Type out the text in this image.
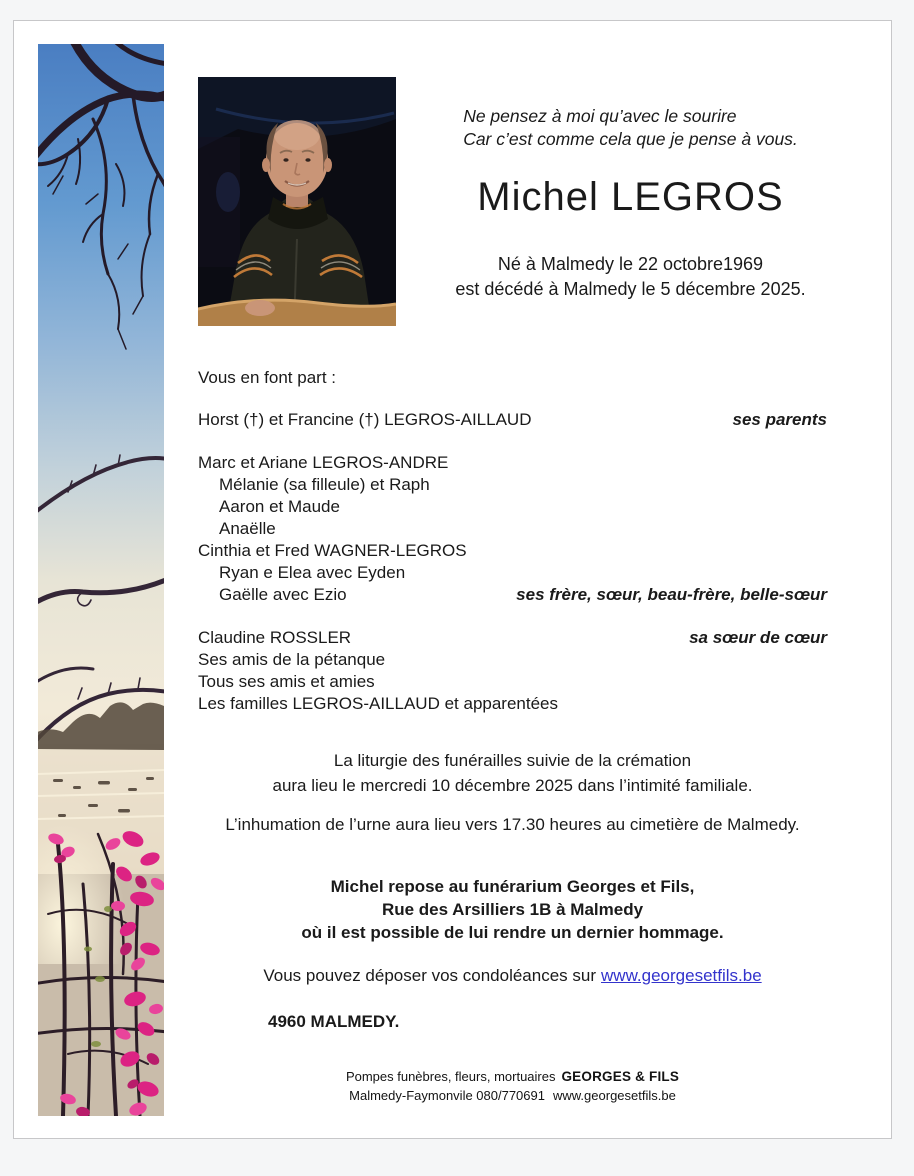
Ne pensez à moi qu’avec le sourire
Car c’est comme cela que je pense à vous.
Michel LEGROS
Né à Malmedy le 22 octobre1969
est décédé à Malmedy le 5 décembre 2025.
Vous en font part :
Horst (†) et Francine (†) LEGROS-AILLAUD	ses parents
Marc et Ariane LEGROS-ANDRE
Mélanie (sa filleule) et Raph
Aaron et Maude
Anaëlle
Cinthia et Fred WAGNER-LEGROS
Ryan e Elea avec Eyden
Gaëlle avec Ezio	ses frère, sœur, beau-frère, belle-sœur
Claudine ROSSLER	sa sœur de cœur
Ses amis de la pétanque
Tous ses amis et amies
Les familles LEGROS-AILLAUD et apparentées
La liturgie des funérailles suivie de la crémation
aura lieu le mercredi 10 décembre 2025 dans l’intimité familiale.
L’inhumation de l’urne aura lieu vers 17.30 heures au cimetière de Malmedy.
Michel repose au funérarium Georges et Fils,
Rue des Arsilliers 1B à Malmedy
où il est possible de lui rendre un dernier hommage.
Vous pouvez déposer vos condoléances sur www.georgesetfils.be
4960 MALMEDY.
Pompes funèbres, fleurs, mortuaires GEORGES & FILS
Malmedy-Faymonvile 080/770691 www.georgesetfils.be
